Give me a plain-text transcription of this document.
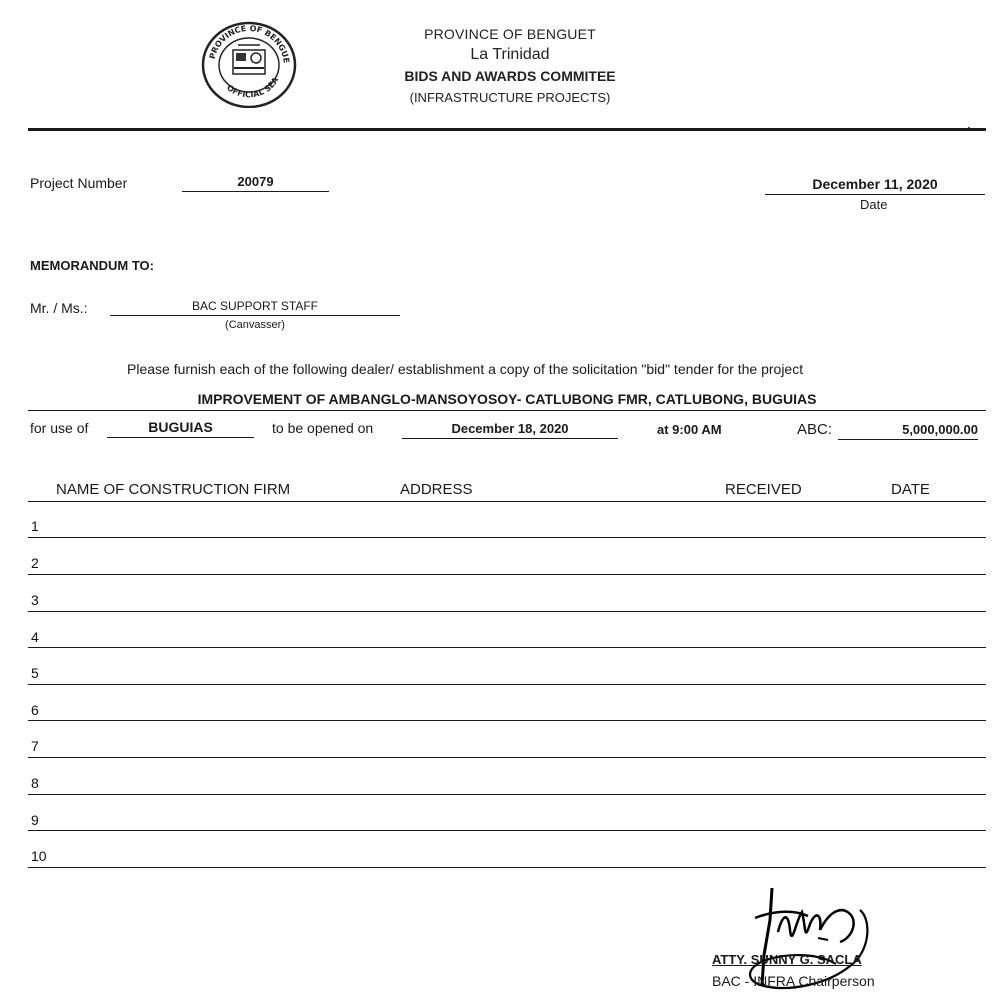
PROVINCE OF BENGUE
OFFICIAL SEA
PROVINCE OF BENGUET
La Trinidad
BIDS AND AWARDS COMMITEE
(INFRASTRUCTURE PROJECTS)
Project Number	20079	December 11, 2020
Date
MEMORANDUM TO:
Mr. / Ms.:	BAC SUPPORT STAFF
(Canvasser)
Please furnish each of the following dealer/ establishment a copy of the solicitation "bid" tender for the project
IMPROVEMENT OF AMBANGLO-MANSOYOSOY- CATLUBONG FMR, CATLUBONG, BUGUIAS
for use of	BUGUIAS	to be opened on	December 18, 2020	at 9:00 AM	ABC:	5,000,000.00
NAME OF CONSTRUCTION FIRM	ADDRESS	RECEIVED	DATE
1
2
3
4
5
6
7
8
9
10
ATTY. SUNNY G. SACLA
BAC - INFRA Chairperson
